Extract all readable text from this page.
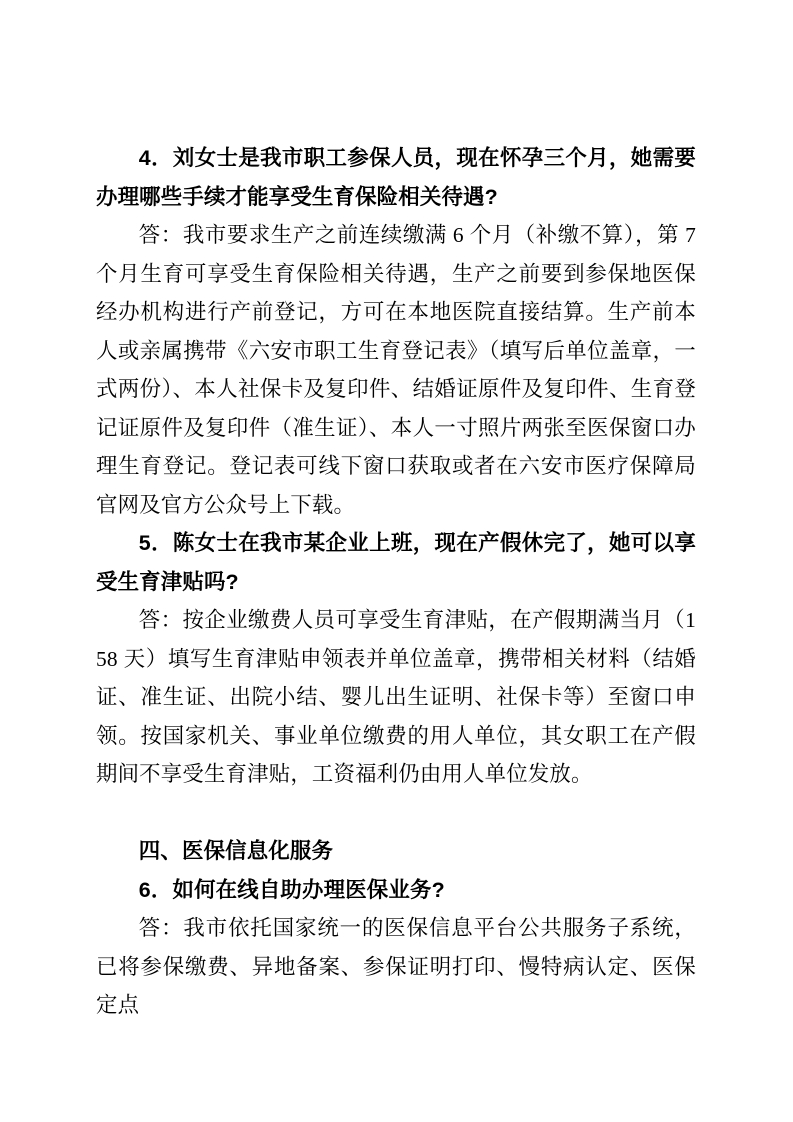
4．刘女士是我市职工参保人员，现在怀孕三个月，她需要办理哪些手续才能享受生育保险相关待遇?

答：我市要求生产之前连续缴满 6 个月（补缴不算），第 7 个月生育可享受生育保险相关待遇，生产之前要到参保地医保经办机构进行产前登记，方可在本地医院直接结算。生产前本人或亲属携带《六安市职工生育登记表》（填写后单位盖章，一式两份）、本人社保卡及复印件、结婚证原件及复印件、生育登记证原件及复印件（准生证）、本人一寸照片两张至医保窗口办理生育登记。登记表可线下窗口获取或者在六安市医疗保障局官网及官方公众号上下载。

5．陈女士在我市某企业上班，现在产假休完了，她可以享受生育津贴吗?

答：按企业缴费人员可享受生育津贴，在产假期满当月（158 天）填写生育津贴申领表并单位盖章，携带相关材料（结婚证、准生证、出院小结、婴儿出生证明、社保卡等）至窗口申领。按国家机关、事业单位缴费的用人单位，其女职工在产假期间不享受生育津贴，工资福利仍由用人单位发放。

四、医保信息化服务

6．如何在线自助办理医保业务?

答：我市依托国家统一的医保信息平台公共服务子系统，已将参保缴费、异地备案、参保证明打印、慢特病认定、医保定点
